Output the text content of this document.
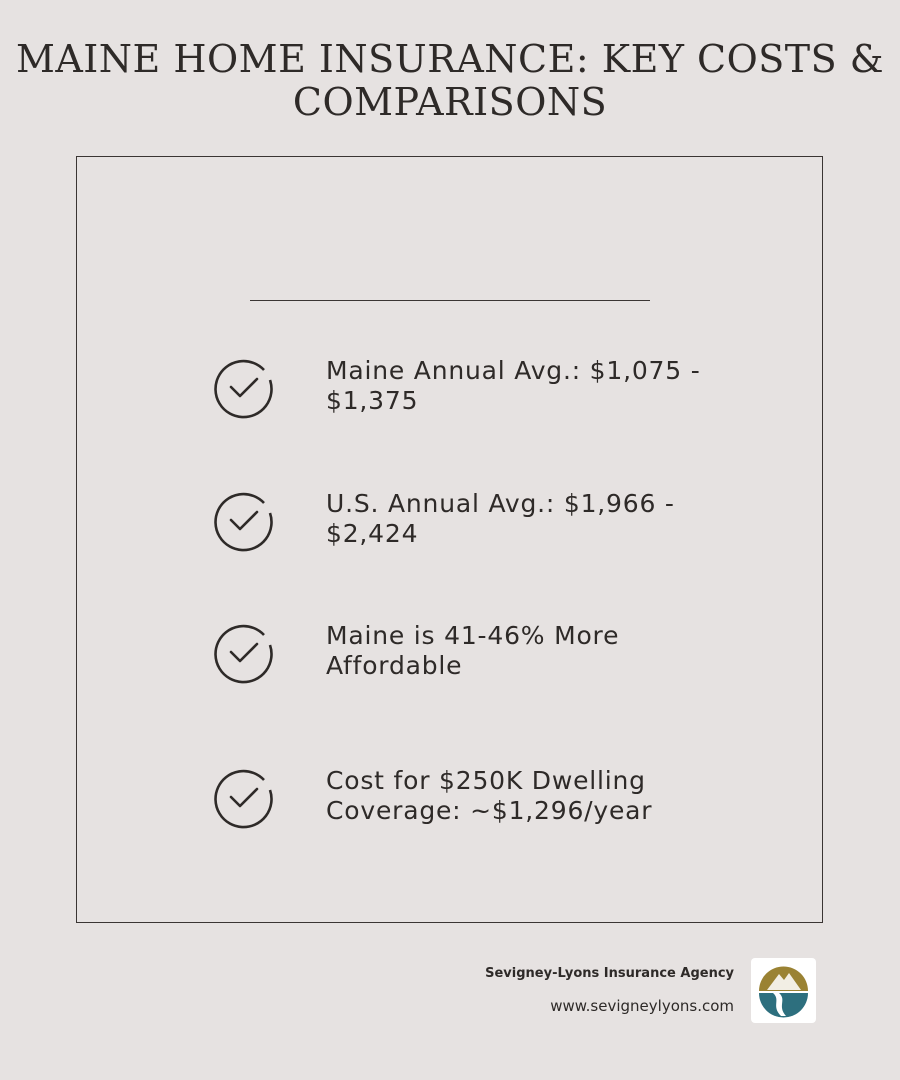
MAINE HOME INSURANCE: KEY COSTS & COMPARISONS
Maine Annual Avg.: $1,075 - $1,375
U.S. Annual Avg.: $1,966 - $2,424
Maine is 41-46% More Affordable
Cost for $250K Dwelling Coverage: ~$1,296/year
Sevigney-Lyons Insurance Agency
www.sevigneylyons.com
